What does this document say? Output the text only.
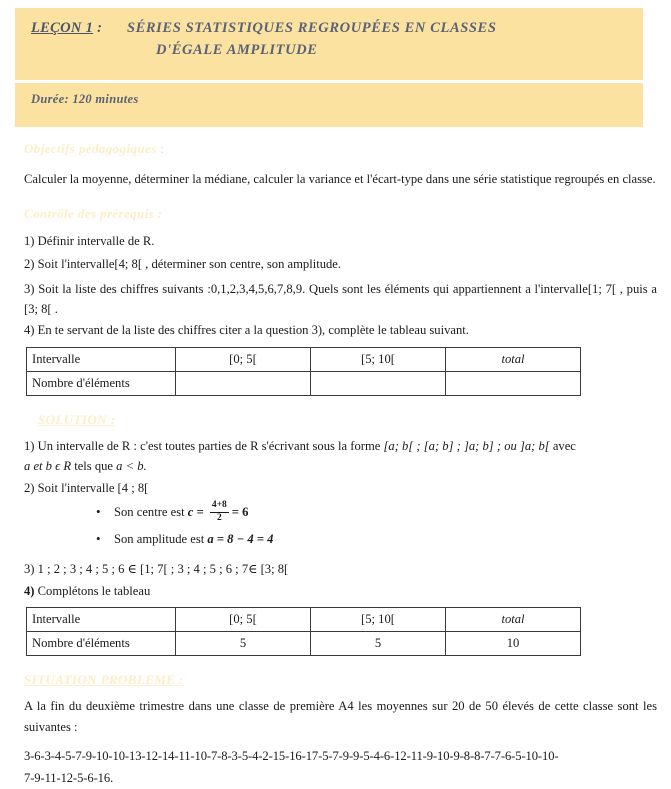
LEÇON 1 :	SÉRIES STATISTIQUES REGROUPÉES EN CLASSES
D'ÉGALE AMPLITUDE
Durée: 120 minutes
Objectifs pédagogiques :

Calculer la moyenne, déterminer la médiane, calculer la variance et l'écart-type dans une série statistique regroupés en classe.

Contrôle des prérequis :

1) Définir intervalle de R.

2) Soit l'intervalle[4; 8[ , déterminer son centre, son amplitude.

3) Soit la liste des chiffres suivants :0,1,2,3,4,5,6,7,8,9. Quels sont les éléments qui appartiennent a l'intervalle[1; 7[ , puis a [3; 8[ .

4) En te servant de la liste des chiffres citer a la question 3), complète le tableau suivant.

Intervalle	[0; 5[	[5; 10[	total
Nombre d'éléments			
SOLUTION :

1) Un intervalle de R : c'est toutes parties de R s'écrivant sous la forme [a; b[ ; [a; b] ; ]a; b] ; ou ]a; b[ avec

a et b ϵ R tels que a < b.

2) Soit l'intervalle [4 ; 8[

• Son centre est $c = \frac{4+8}{2} = 6$
• Son amplitude est a = 8 − 4 = 4

3) 1 ; 2 ; 3 ; 4 ; 5 ; 6 ∈ [1; 7[ ; 3 ; 4 ; 5 ; 6 ; 7∈ [3; 8[

4) Complétons le tableau

Intervalle	[0; 5[	[5; 10[	total
Nombre d'éléments	5	5	10
SITUATION PROBLEME :

A la fin du deuxième trimestre dans une classe de première A4 les moyennes sur 20 de 50 élevés de cette classe sont les suivantes :

3-6-3-4-5-7-9-10-10-13-12-14-11-10-7-8-3-5-4-2-15-16-17-5-7-9-9-5-4-6-12-11-9-10-9-8-8-7-7-6-5-10-10-

7-9-11-12-5-6-16.
